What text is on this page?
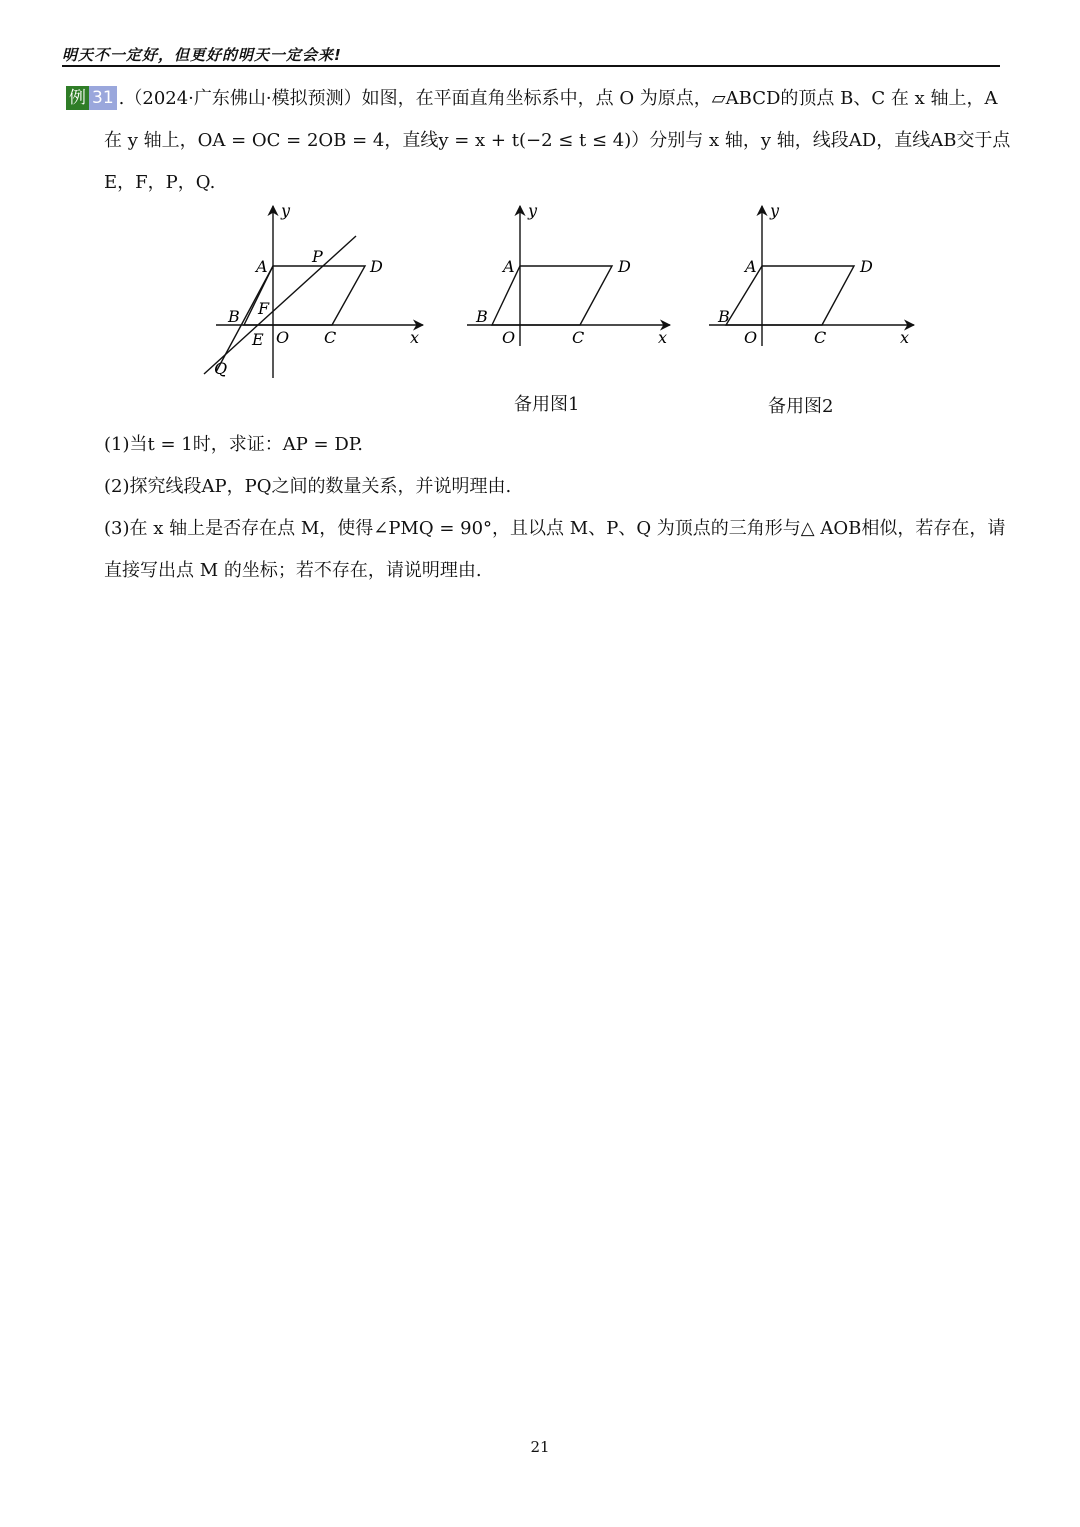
明天不一定好，但更好的明天一定会来!
例 31 .（2024·广东佛山·模拟预测）如图，在平面直角坐标系中，点 O 为原点，▱ABCD的顶点 B、C 在 x 轴上，A
在 y 轴上，OA = OC = 2OB = 4，直线y = x + t(−2 ≤ t ≤ 4)）分别与 x 轴，y 轴，线段AD，直线AB交于点
E，F，P，Q.
y
x
A
P
D
F
B
E O C
Q
y
x
A	D
B
O	C
备用图1
y
x
A	D
B
O	C
备用图2
(1)当t = 1时，求证：AP = DP.
(2)探究线段AP，PQ之间的数量关系，并说明理由.
(3)在 x 轴上是否存在点 M，使得∠PMQ = 90°，且以点 M、P、Q 为顶点的三角形与△ AOB相似，若存在，请
直接写出点 M 的坐标；若不存在，请说明理由.
21
